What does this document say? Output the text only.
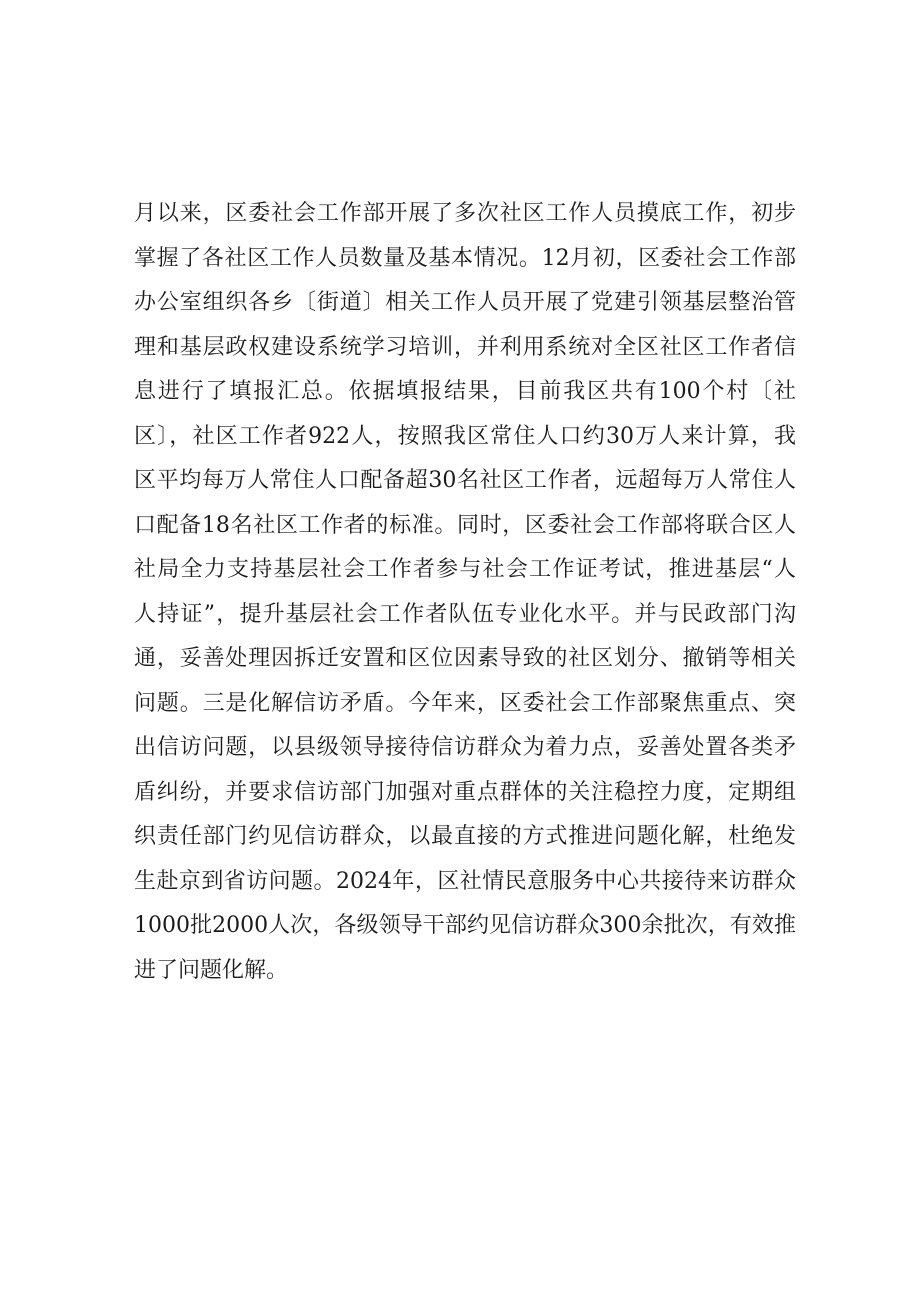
月以来，区委社会工作部开展了多次社区工作人员摸底工作，初步
掌握了各社区工作人员数量及基本情况。12月初，区委社会工作部
办公室组织各乡〔街道〕相关工作人员开展了党建引领基层整治管
理和基层政权建设系统学习培训，并利用系统对全区社区工作者信
息进行了填报汇总。依据填报结果，目前我区共有100个村〔社
区〕，社区工作者922人，按照我区常住人口约30万人来计算，我
区平均每万人常住人口配备超30名社区工作者，远超每万人常住人
口配备18名社区工作者的标准。同时，区委社会工作部将联合区人
社局全力支持基层社会工作者参与社会工作证考试，推进基层“人
人持证”，提升基层社会工作者队伍专业化水平。并与民政部门沟
通，妥善处理因拆迁安置和区位因素导致的社区划分、撤销等相关
问题。三是化解信访矛盾。今年来，区委社会工作部聚焦重点、突
出信访问题，以县级领导接待信访群众为着力点，妥善处置各类矛
盾纠纷，并要求信访部门加强对重点群体的关注稳控力度，定期组
织责任部门约见信访群众，以最直接的方式推进问题化解，杜绝发
生赴京到省访问题。2024年，区社情民意服务中心共接待来访群众
1000批2000人次，各级领导干部约见信访群众300余批次，有效推
进了问题化解。
